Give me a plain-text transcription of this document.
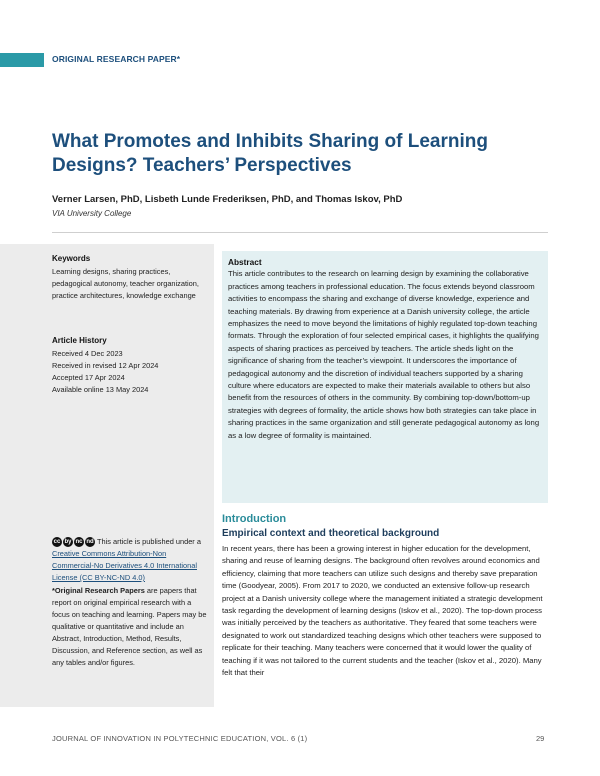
ORIGINAL RESEARCH PAPER*
What Promotes and Inhibits Sharing of Learning Designs? Teachers’ Perspectives
Verner Larsen, PhD, Lisbeth Lunde Frederiksen, PhD, and Thomas Iskov, PhD
VIA University College
Keywords
Learning designs, sharing practices, pedagogical autonomy, teacher organization, practice architectures, knowledge exchange
Article History
Received 4 Dec 2023
Received in revised 12 Apr 2024
Accepted 17 Apr 2024
Available online 13 May 2024
cc by nc nd This article is published under a Creative Commons Attribution-Non Commercial-No Derivatives 4.0 International License (CC BY-NC-ND 4.0)
*Original Research Papers are papers that report on original empirical research with a focus on teaching and learning. Papers may be qualitative or quantitative and include an Abstract, Introduction, Method, Results, Discussion, and Reference section, as well as any tables and/or figures.
Abstract

This article contributes to the research on learning design by examining the collaborative practices among teachers in professional education. The focus extends beyond classroom activities to encompass the sharing and exchange of diverse knowledge, experience and teaching materials. By drawing from experience at a Danish university college, the article emphasizes the need to move beyond the limitations of highly regulated top-down teaching formats. Through the exploration of four selected empirical cases, it highlights the qualifying aspects of sharing practices as perceived by teachers. The article sheds light on the significance of sharing from the teacher’s viewpoint. It underscores the importance of pedagogical autonomy and the discretion of individual teachers supported by a sharing culture where educators are expected to make their materials available to others but also benefit from the resources of others in the community. By combining top-down/bottom-up strategies with degrees of formality, the article shows how both strategies can take place in sharing practices in the same organization and still generate pedagogical autonomy as long as a low degree of formality is maintained.

Introduction
Empirical context and theoretical background

In recent years, there has been a growing interest in higher education for the development, sharing and reuse of learning designs. The background often revolves around economics and efficiency, claiming that more teachers can utilize such designs and thereby save preparation time (Goodyear, 2005). From 2017 to 2020, we conducted an extensive follow-up research project at a Danish university college where the management initiated a strategic development task regarding the development of learning designs (Iskov et al., 2020). The top-down process was initially perceived by the teachers as authoritative. They feared that some teachers were designated to work out standardized teaching designs which other teachers were supposed to replicate for their teaching. Many teachers were concerned that it would lower the quality of teaching if it was not tailored to the current students and the teacher (Iskov et al., 2020). Many felt that their

JOURNAL OF INNOVATION IN POLYTECHNIC EDUCATION, VOL. 6 (1)	29
